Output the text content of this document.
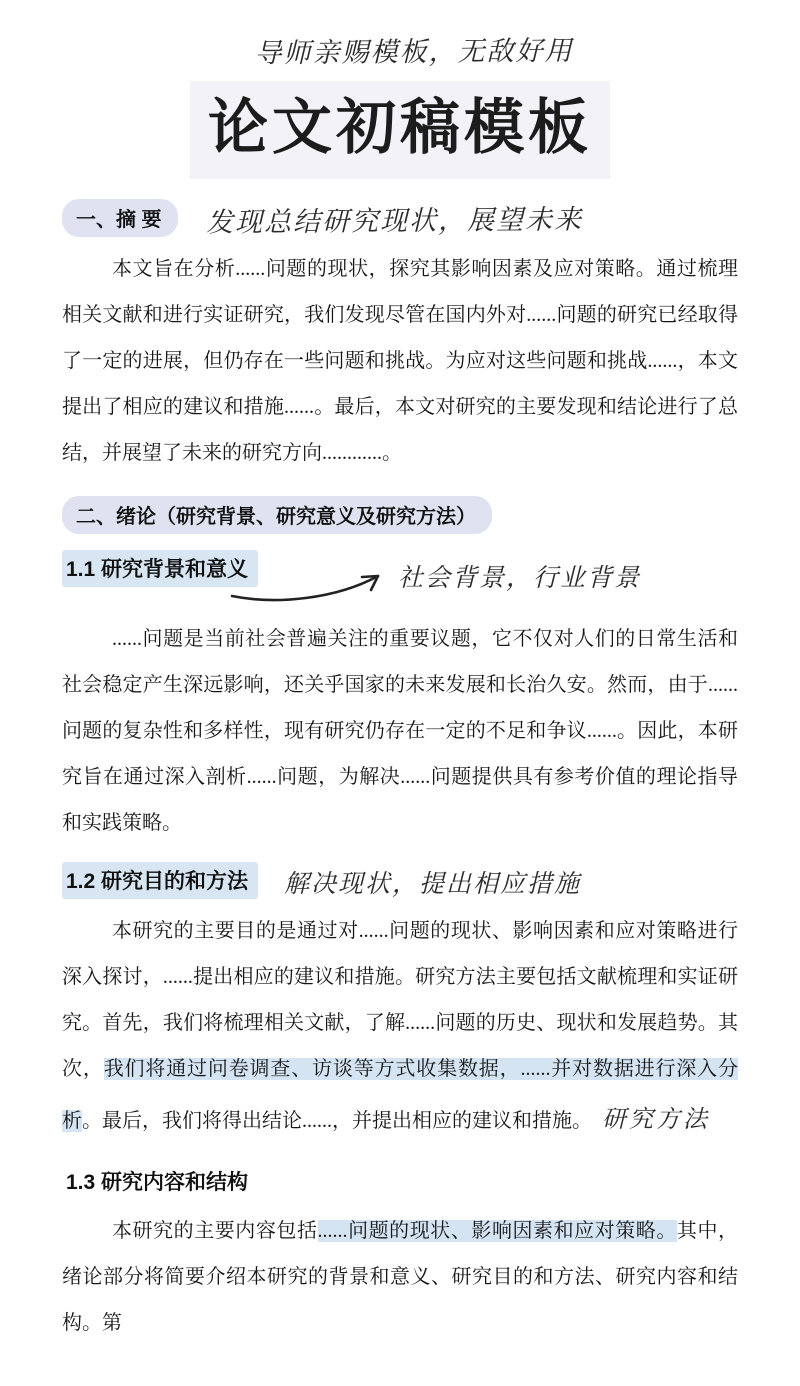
导师亲赐模板，无敌好用
论文初稿模板
一、摘 要	发现总结研究现状，展望未来

本文旨在分析......问题的现状，探究其影响因素及应对策略。通过梳理相关文献和进行实证研究，我们发现尽管在国内外对......问题的研究已经取得了一定的进展，但仍存在一些问题和挑战。为应对这些问题和挑战......，本文提出了相应的建议和措施......。最后，本文对研究的主要发现和结论进行了总结，并展望了未来的研究方向............。

二、绪论（研究背景、研究意义及研究方法）
1.1 研究背景和意义	社会背景，行业背景

......问题是当前社会普遍关注的重要议题，它不仅对人们的日常生活和社会稳定产生深远影响，还关乎国家的未来发展和长治久安。然而，由于......问题的复杂性和多样性，现有研究仍存在一定的不足和争议......。因此，本研究旨在通过深入剖析......问题，为解决......问题提供具有参考价值的理论指导和实践策略。

1.2 研究目的和方法	解决现状，提出相应措施

本研究的主要目的是通过对......问题的现状、影响因素和应对策略进行深入探讨，......提出相应的建议和措施。研究方法主要包括文献梳理和实证研究。首先，我们将梳理相关文献，了解......问题的历史、现状和发展趋势。其次，我们将通过问卷调查、访谈等方式收集数据，......并对数据进行深入分析。最后，我们将得出结论......，并提出相应的建议和措施。 研究方法

1.3 研究内容和结构

本研究的主要内容包括......问题的现状、影响因素和应对策略。其中，绪论部分将简要介绍本研究的背景和意义、研究目的和方法、研究内容和结构。第
